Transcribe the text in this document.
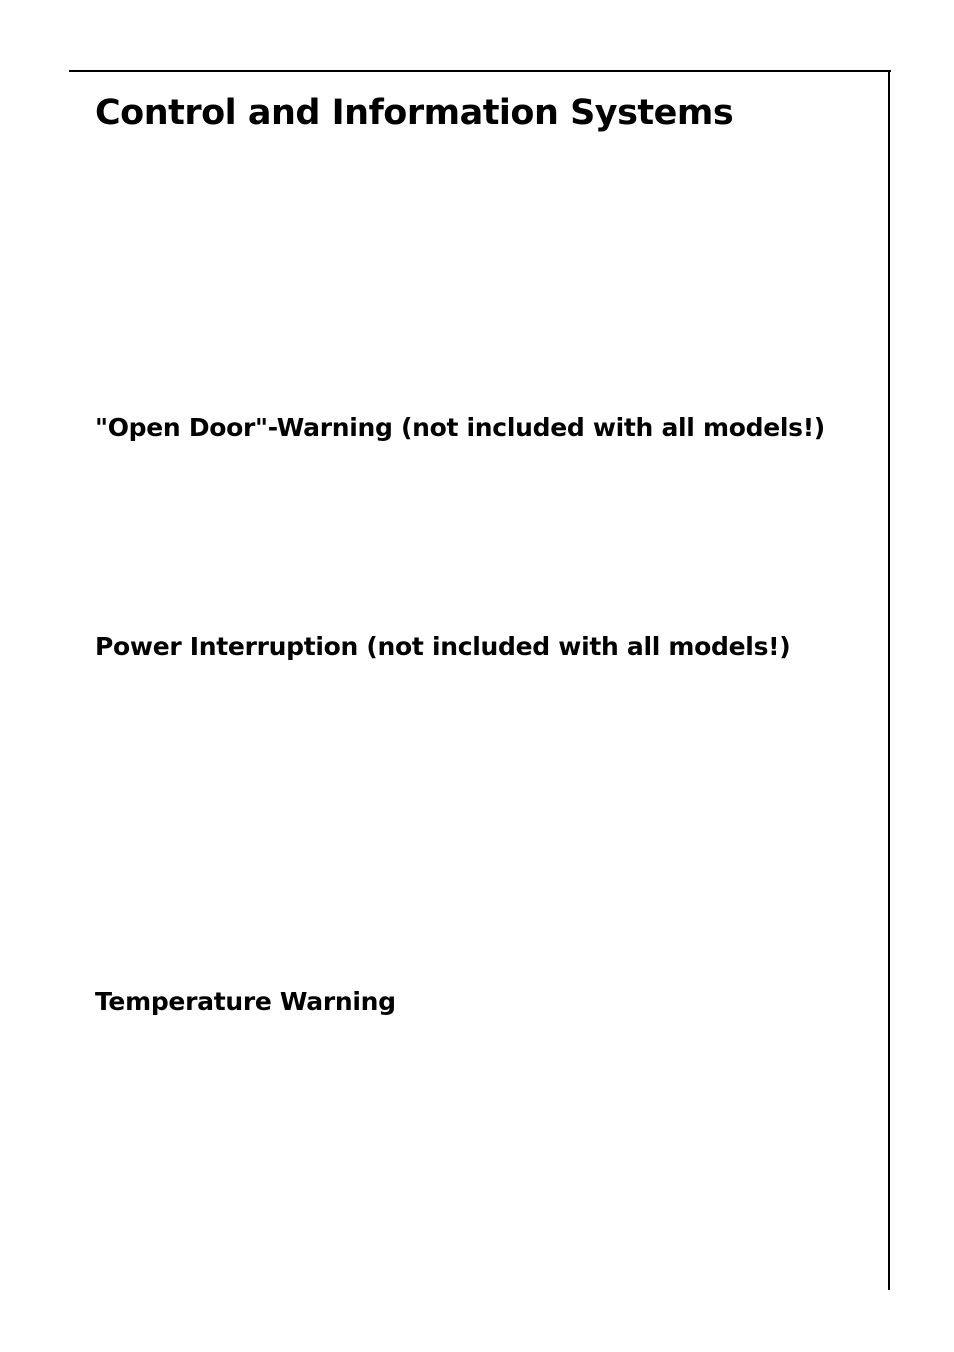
Control and Information Systems
"Open Door"-Warning (not included with all models!)
Power Interruption (not included with all models!)
Temperature Warning
